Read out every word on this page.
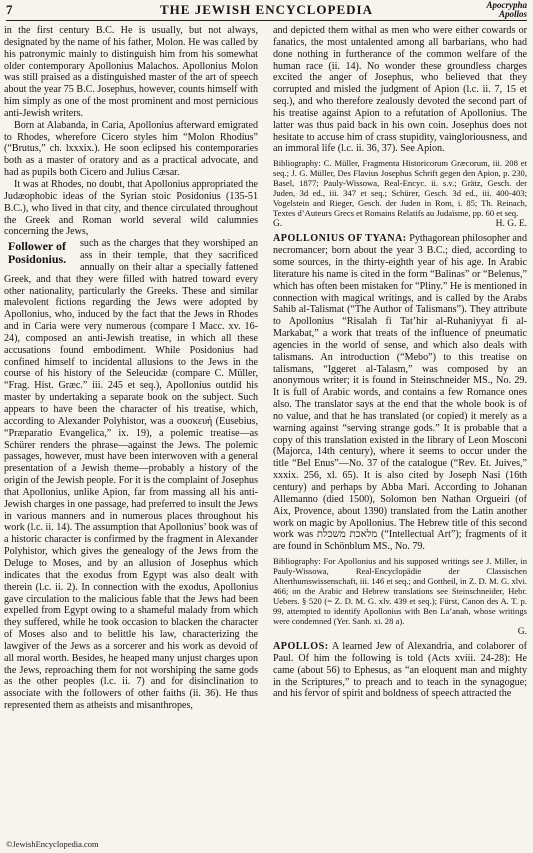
7	THE JEWISH ENCYCLOPEDIA	Apocrypha
Apollos

in the first century B.C. He is usually, but not always, designated by the name of his father, Molon. He was called by his patronymic mainly to distinguish him from his somewhat older contemporary Apollonius Malachos. Apollonius Molon was still praised as a distinguished master of the art of speech about the year 75 B.C. Josephus, however, counts himself with him simply as one of the most prominent and most pernicious anti-Jewish writers.

Born at Alabanda, in Caria, Apollonius afterward emigrated to Rhodes, wherefore Cicero styles him “Molon Rhodius” (“Brutus,” ch. lxxxix.). He soon eclipsed his contemporaries both as a master of oratory and as a practical advocate, and had as pupils both Cicero and Julius Cæsar.

It was at Rhodes, no doubt, that Apollonius appropriated the Judæophobic ideas of the Syrian stoic Posidonius (135-51 B.C.), who lived in that city, and thence circulated throughout the Greek and Roman world several wild calumnies concerning the Jews,

Follower of Posidonius.

such as the charges that they worshiped an ass in their temple, that they sacrificed annually on their altar a specially fattened Greek, and that they were filled with hatred toward every other nationality, particularly the Greeks. These and similar malevolent fictions regarding the Jews were adopted by Apollonius, who, induced by the fact that the Jews in Rhodes and in Caria were very numerous (compare I Macc. xv. 16-24), composed an anti-Jewish treatise, in which all these accusations found embodiment. While Posidonius had confined himself to incidental allusions to the Jews in the course of his history of the Seleucidæ (compare C. Müller, “Frag. Hist. Græc.” iii. 245 et seq.), Apollonius outdid his master by undertaking a separate book on the subject. Such appears to have been the character of his treatise, which, according to Alexander Polyhistor, was a συσκευή (Eusebius, “Præparatio Evangelica,” ix. 19), a polemic treatise—as Schürer renders the phrase—against the Jews. The polemic passages, however, must have been interwoven with a general presentation of a Jewish theme—probably a history of the origin of the Jewish people. For it is the complaint of Josephus that Apollonius, unlike Apion, far from massing all his anti-Jewish charges in one passage, had preferred to insult the Jews in various manners and in numerous places throughout his work (l.c. ii. 14). The assumption that Apollonius’ book was of a historic character is confirmed by the fragment in Alexander Polyhistor, which gives the genealogy of the Jews from the Deluge to Moses, and by an allusion of Josephus which indicates that the exodus from Egypt was also dealt with therein (l.c. ii. 2). In connection with the exodus, Apollonius gave circulation to the malicious fable that the Jews had been expelled from Egypt owing to a shameful malady from which they suffered, while he took occasion to blacken the character of Moses also and to belittle his law, characterizing the lawgiver of the Jews as a sorcerer and his work as devoid of all moral worth. Besides, he heaped many unjust charges upon the Jews, reproaching them for not worshiping the same gods as the other peoples (l.c. ii. 7) and for disinclination to associate with the followers of other faiths (ii. 36). He thus represented them as atheists and misanthropes,

and depicted them withal as men who were either cowards or fanatics, the most untalented among all barbarians, who had done nothing in furtherance of the common welfare of the human race (ii. 14). No wonder these groundless charges excited the anger of Josephus, who believed that they corrupted and misled the judgment of Apion (l.c. ii. 7, 15 et seq.), and who therefore zealously devoted the second part of his treatise against Apion to a refutation of Apollonius. The latter was thus paid back in his own coin. Josephus does not hesitate to accuse him of crass stupidity, vaingloriousness, and an immoral life (l.c. ii. 36, 37). See Apion.

Bibliography: C. Müller, Fragmenta Historicorum Græcorum, iii. 208 et seq.; J. G. Müller, Des Flavius Josephus Schrift gegen den Apion, p. 230, Basel, 1877; Pauly-Wissowa, Real-Encyc. ii. s.v.; Grätz, Gesch. der Juden, 3d ed., iii. 347 et seq.; Schürer, Gesch. 3d ed., iii. 400-403; Vogelstein and Rieger, Gesch. der Juden in Rom, i. 85; Th. Reinach, Textes d’Auteurs Grecs et Romains Relatifs au Judaïsme, pp. 60 et seq.

G.	H. G. E.

APOLLONIUS OF TYANA: Pythagorean philosopher and necromancer; born about the year 3 B.C.; died, according to some sources, in the thirty-eighth year of his age. In Arabic literature his name is cited in the form “Balinas” or “Belenus,” which has often been mistaken for “Pliny.” He is mentioned in connection with magical writings, and is called by the Arabs Sahib al-Talismat (“The Author of Talismans”). They attribute to Apollonius “Risalah fi Tat’hir al-Ruhaniyyat fi al-Markabat,” a work that treats of the influence of pneumatic agencies in the world of sense, and which also deals with talismans. An introduction (“Mebo”) to this treatise on talismans, “Iggeret al-Talasm,” was composed by an anonymous writer; it is found in Steinschneider MS., No. 29. It is full of Arabic words, and contains a few Romance ones also. The translator says at the end that the whole book is of no value, and that he has translated (or copied) it merely as a warning against “serving strange gods.” It is probable that a copy of this translation existed in the library of Leon Mosconi (Majorca, 14th century), where it seems to occur under the title “Bel Enus”—No. 37 of the catalogue (“Rev. Et. Juives,” xxxix. 256, xl. 65). It is also cited by Joseph Nasi (16th century) and perhaps by Abba Mari. According to Johanan Allemanno (died 1500), Solomon ben Nathan Orgueiri (of Aix, Provence, about 1390) translated from the Latin another work on magic by Apollonius. The Hebrew title of this second work was מלאכת משכלת (“Intellectual Art”); fragments of it are found in Schönblum MS., No. 79.

Bibliography: For Apollonius and his supposed writings see J. Miller, in Pauly-Wissowa, Real-Encyclopädie der Classischen Alterthumswissenschaft, iii. 146 et seq.; and Gottheil, in Z. D. M. G. xlvi. 466; on the Arabic and Hebrew translations see Steinschneider, Hebr. Uebers. § 520 (= Z. D. M. G. xlv. 439 et seq.); Fürst, Canon des A. T. p. 99, attempted to identify Apollonius with Ben La’anah, whose writings were condemned (Yer. Sanh. xi. 28 a).

G.

APOLLOS: A learned Jew of Alexandria, and colaborer of Paul. Of him the following is told (Acts xviii. 24-28): He came (about 56) to Ephesus, as “an eloquent man and mighty in the Scriptures,” to preach and to teach in the synagogue; and his fervor of spirit and boldness of speech attracted the

©JewishEncyclopedia.com
